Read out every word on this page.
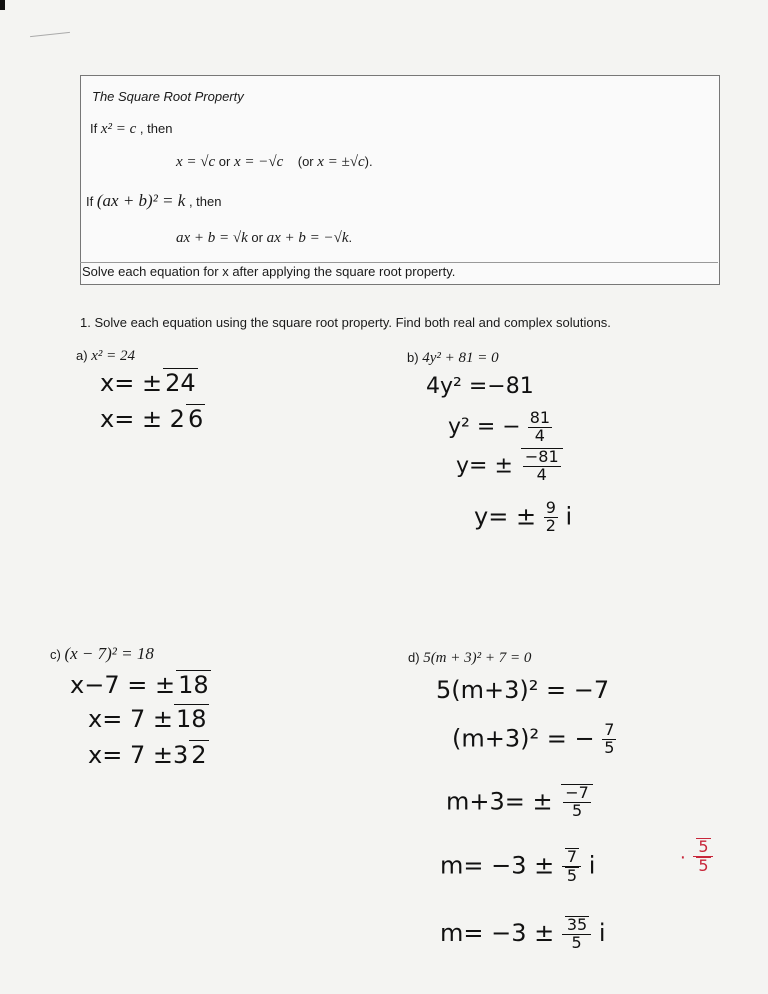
The Square Root Property
If x² = c , then
x = √c or x = −√c (or x = ±√c).
If (ax + b)² = k , then
ax + b = √k or ax + b = −√k.
Solve each equation for x after applying the square root property.
1. Solve each equation using the square root property. Find both real and complex solutions.
a) x² = 24
x= ± 24
x= ± 2 6
b) 4y² + 81 = 0
4y² =−81
y² = − $\frac{81}{4}$
$y= \pm \frac{-81}{4}$
$y= \pm \frac{9}{2}$ i
c) (x − 7)² = 18
x−7 = ± 18
x= 7 ± 18
x= 7 ±3 2
d) 5(m + 3)² + 7 = 0
5(m+3)² = −7
(m+3)² = − $\frac{7}{5}$
$m+3= \pm \frac{-7}{5}$
$m= -3 \pm \frac{7}{5}$ i	· $\frac{5}{5}$
$m= -3 \pm \frac{35}{5}$ i
